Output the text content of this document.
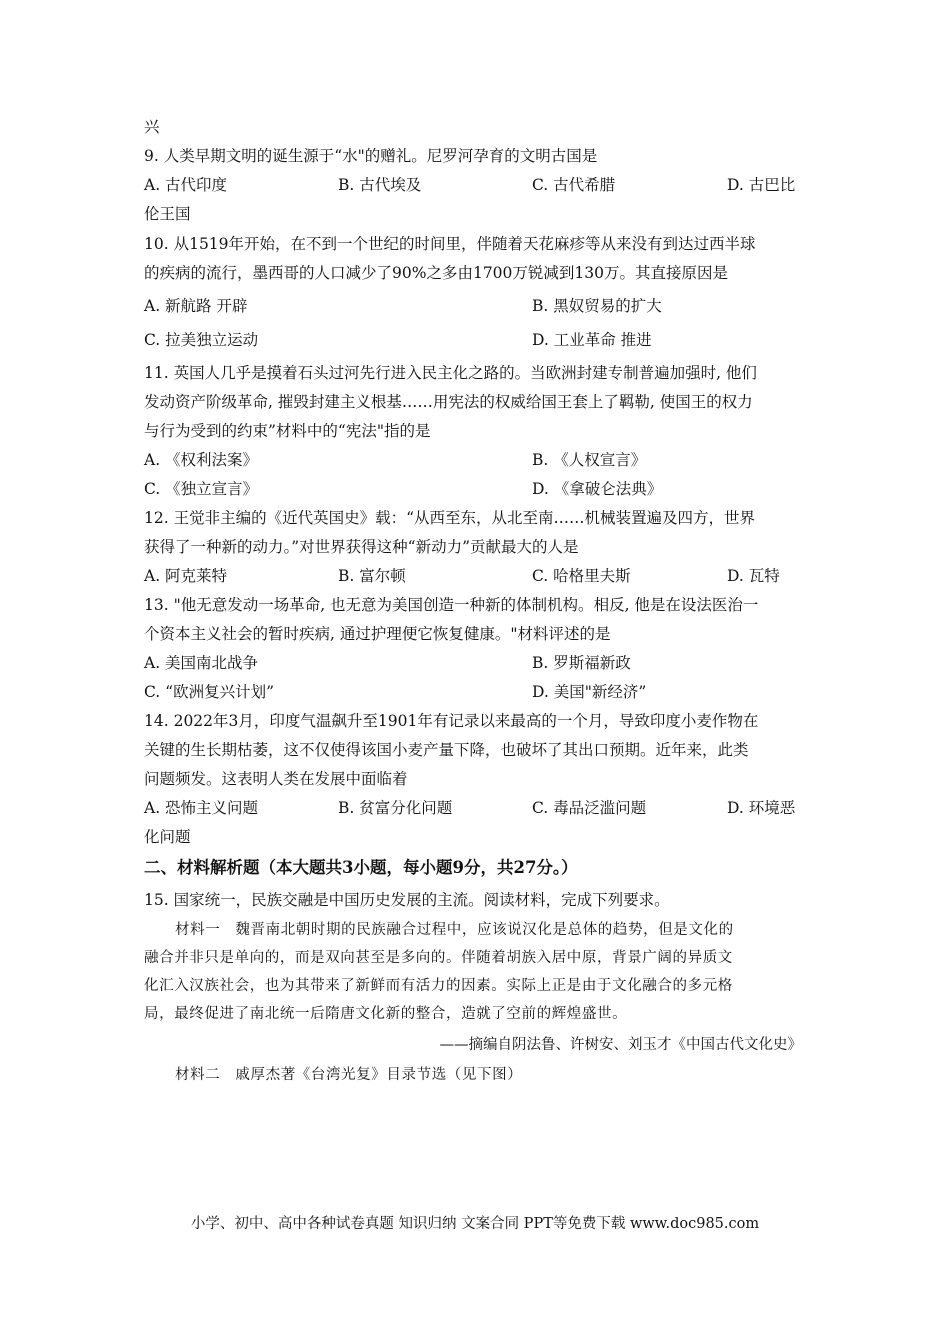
兴
9. 人类早期文明的诞生源于“水"的赠礼。尼罗河孕育的文明古国是
A. 古代印度	B. 古代埃及	C. 古代希腊	D. 古巴比
伦王国
10. 从1519年开始，在不到一个世纪的时间里，伴随着天花麻疹等从来没有到达过西半球
的疾病的流行，墨西哥的人口减少了90%之多由1700万锐减到130万。其直接原因是
A. 新航路 开辟	B. 黑奴贸易的扩大
C. 拉美独立运动	D. 工业革命 推进
11. 英国人几乎是摸着石头过河先行进入民主化之路的。当欧洲封建专制普遍加强时, 他们
发动资产阶级革命, 摧毁封建主义根基……用宪法的权威给国王套上了羁勒, 使国王的权力
与行为受到的约束”材料中的“宪法"指的是
A. 《权利法案》	B. 《人权宣言》
C. 《独立宣言》	D. 《拿破仑法典》
12. 王觉非主编的《近代英国史》载：“从西至东，从北至南……机械装置遍及四方，世界
获得了一种新的动力。”对世界获得这种“新动力”贡献最大的人是
A. 阿克莱特	B. 富尔顿	C. 哈格里夫斯	D. 瓦特
13. "他无意发动一场革命, 也无意为美国创造一种新的体制机构。相反, 他是在设法医治一
个资本主义社会的暂时疾病, 通过护理便它恢复健康。"材料评述的是
A. 美国南北战争	B. 罗斯福新政
C. “欧洲复兴计划”	D. 美国"新经济”
14. 2022年3月，印度气温飙升至1901年有记录以来最高的一个月，导致印度小麦作物在
关键的生长期枯萎，这不仅使得该国小麦产量下降，也破坏了其出口预期。近年来，此类
问题频发。这表明人类在发展中面临着
A. 恐怖主义问题	B. 贫富分化问题	C. 毒品泛滥问题	D. 环境恶
化问题
二、材料解析题（本大题共3小题，每小题9分，共27分。）
15. 国家统一，民族交融是中国历史发展的主流。阅读材料，完成下列要求。
材料一　魏晋南北朝时期的民族融合过程中，应该说汉化是总体的趋势，但是文化的
融合并非只是单向的，而是双向甚至是多向的。伴随着胡族入居中原，背景广阔的异质文
化汇入汉族社会，也为其带来了新鲜而有活力的因素。实际上正是由于文化融合的多元格
局，最终促进了南北统一后隋唐文化新的整合，造就了空前的辉煌盛世。
——摘编自阴法鲁、许树安、刘玉才《中国古代文化史》
材料二　戚厚杰著《台湾光复》目录节选（见下图）
小学、初中、高中各种试卷真题 知识归纳 文案合同 PPT等免费下载 www.doc985.com
